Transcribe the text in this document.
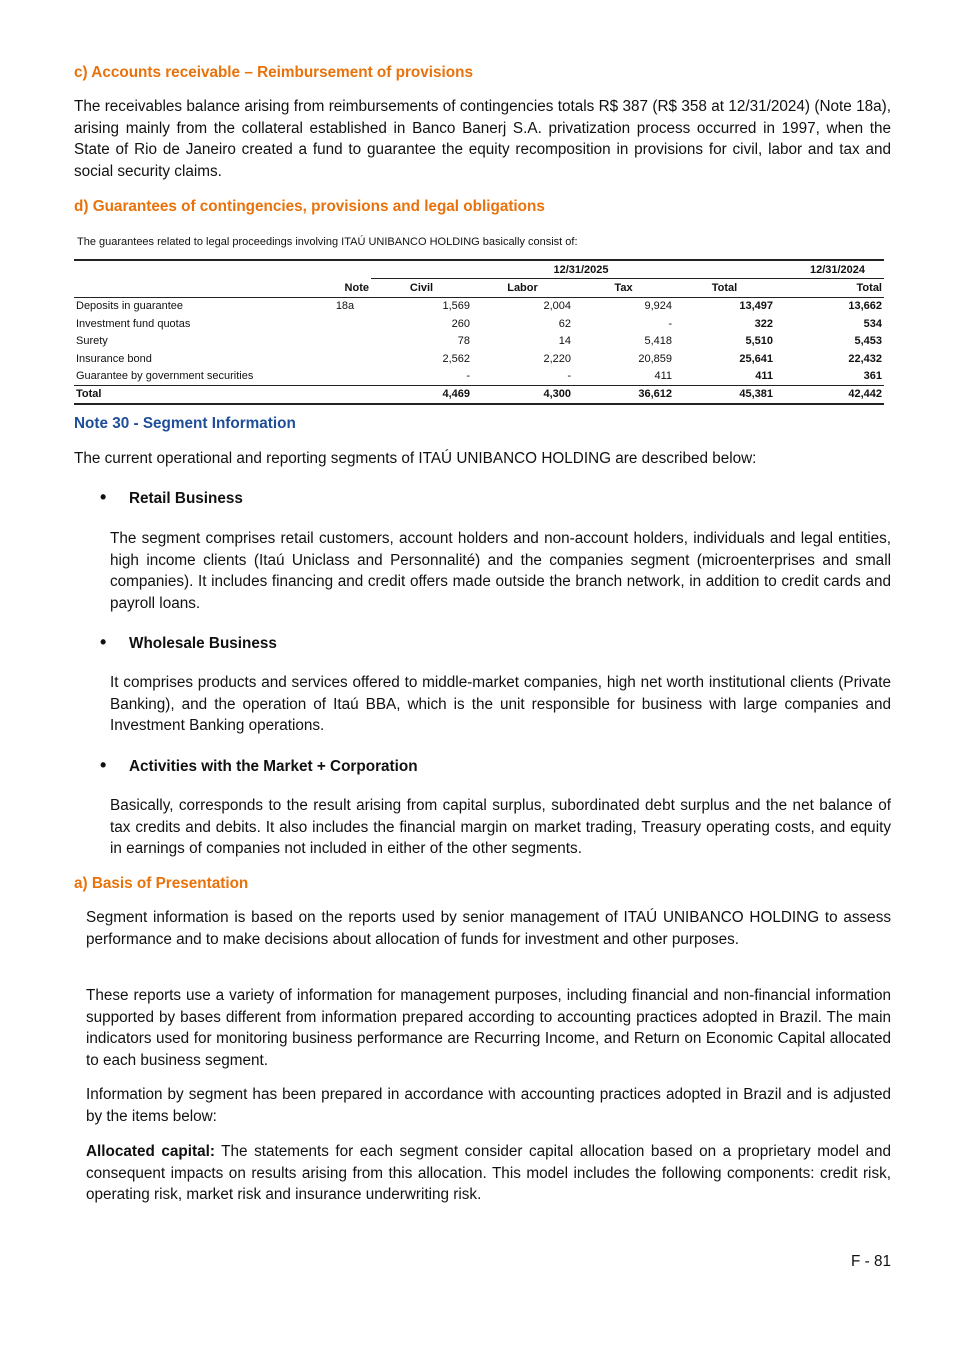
c) Accounts receivable – Reimbursement of provisions

The receivables balance arising from reimbursements of contingencies totals R$ 387 (R$ 358 at 12/31/2024) (Note 18a), arising mainly from the collateral established in Banco Banerj S.A. privatization process occurred in 1997, when the State of Rio de Janeiro created a fund to guarantee the equity recomposition in provisions for civil, labor and tax and social security claims.

d) Guarantees of contingencies, provisions and legal obligations
The guarantees related to legal proceedings involving ITAÚ UNIBANCO HOLDING basically consist of:
		12/31/2025				12/31/2024
	Note	Civil	Labor	Tax	Total	Total
Deposits in guarantee	18a	1,569	2,004	9,924	13,497	13,662
Investment fund quotas		260	62	-	322	534
Surety		78	14	5,418	5,510	5,453
Insurance bond		2,562	2,220	20,859	25,641	22,432
Guarantee by government securities		-	-	411	411	361
Total		4,469	4,300	36,612	45,381	42,442
Note 30 - Segment Information

The current operational and reporting segments of ITAÚ UNIBANCO HOLDING are described below:

• Retail Business

The segment comprises retail customers, account holders and non-account holders, individuals and legal entities, high income clients (Itaú Uniclass and Personnalité) and the companies segment (microenterprises and small companies). It includes financing and credit offers made outside the branch network, in addition to credit cards and payroll loans.

• Wholesale Business

It comprises products and services offered to middle-market companies, high net worth institutional clients (Private Banking), and the operation of Itaú BBA, which is the unit responsible for business with large companies and Investment Banking operations.

• Activities with the Market + Corporation

Basically, corresponds to the result arising from capital surplus, subordinated debt surplus and the net balance of tax credits and debits. It also includes the financial margin on market trading, Treasury operating costs, and equity in earnings of companies not included in either of the other segments.

a) Basis of Presentation

Segment information is based on the reports used by senior management of ITAÚ UNIBANCO HOLDING to assess performance and to make decisions about allocation of funds for investment and other purposes.

These reports use a variety of information for management purposes, including financial and non-financial information supported by bases different from information prepared according to accounting practices adopted in Brazil. The main indicators used for monitoring business performance are Recurring Income, and Return on Economic Capital allocated to each business segment.

Information by segment has been prepared in accordance with accounting practices adopted in Brazil and is adjusted by the items below:

Allocated capital: The statements for each segment consider capital allocation based on a proprietary model and consequent impacts on results arising from this allocation. This model includes the following components: credit risk, operating risk, market risk and insurance underwriting risk.

F - 81
